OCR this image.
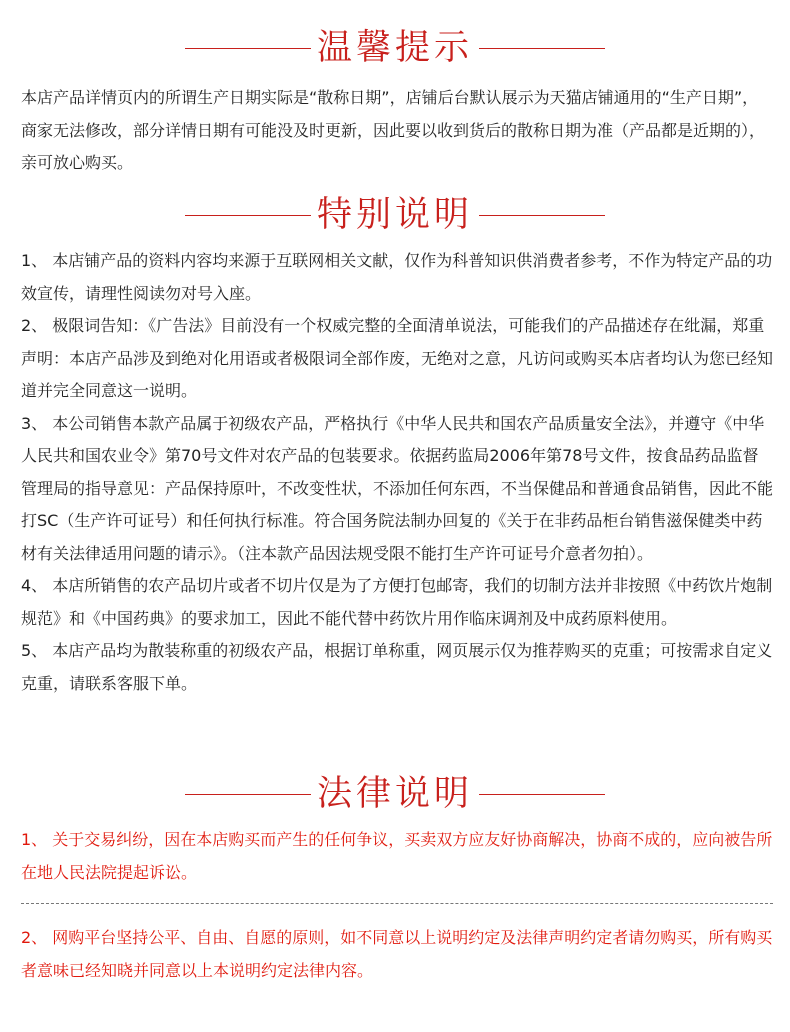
温馨提示

本店产品详情页内的所谓生产日期实际是“散称日期”，店铺后台默认展示为天猫店铺通用的“生产日期”，商家无法修改，部分详情日期有可能没及时更新，因此要以收到货后的散称日期为准（产品都是近期的），亲可放心购买。

特别说明

1、 本店铺产品的资料内容均来源于互联网相关文献，仅作为科普知识供消费者参考，不作为特定产品的功效宣传，请理性阅读勿对号入座。

2、 极限词告知：《广告法》目前没有一个权威完整的全面清单说法，可能我们的产品描述存在纰漏，郑重声明：本店产品涉及到绝对化用语或者极限词全部作废，无绝对之意，凡访问或购买本店者均认为您已经知道并完全同意这一说明。

3、 本公司销售本款产品属于初级农产品，严格执行《中华人民共和国农产品质量安全法》，并遵守《中华人民共和国农业令》第70号文件对农产品的包装要求。依据药监局2006年第78号文件，按食品药品监督管理局的指导意见：产品保持原叶，不改变性状，不添加任何东西，不当保健品和普通食品销售，因此不能打SC（生产许可证号）和任何执行标准。符合国务院法制办回复的《关于在非药品柜台销售滋保健类中药材有关法律适用问题的请示》。（注本款产品因法规受限不能打生产许可证号介意者勿拍）。

4、 本店所销售的农产品切片或者不切片仅是为了方便打包邮寄，我们的切制方法并非按照《中药饮片炮制规范》和《中国药典》的要求加工，因此不能代替中药饮片用作临床调剂及中成药原料使用。

5、 本店产品均为散装称重的初级农产品，根据订单称重，网页展示仅为推荐购买的克重；可按需求自定义克重，请联系客服下单。

法律说明

1、 关于交易纠纷，因在本店购买而产生的任何争议，买卖双方应友好协商解决，协商不成的，应向被告所在地人民法院提起诉讼。

2、 网购平台坚持公平、自由、自愿的原则，如不同意以上说明约定及法律声明约定者请勿购买，所有购买者意味已经知晓并同意以上本说明约定法律内容。
